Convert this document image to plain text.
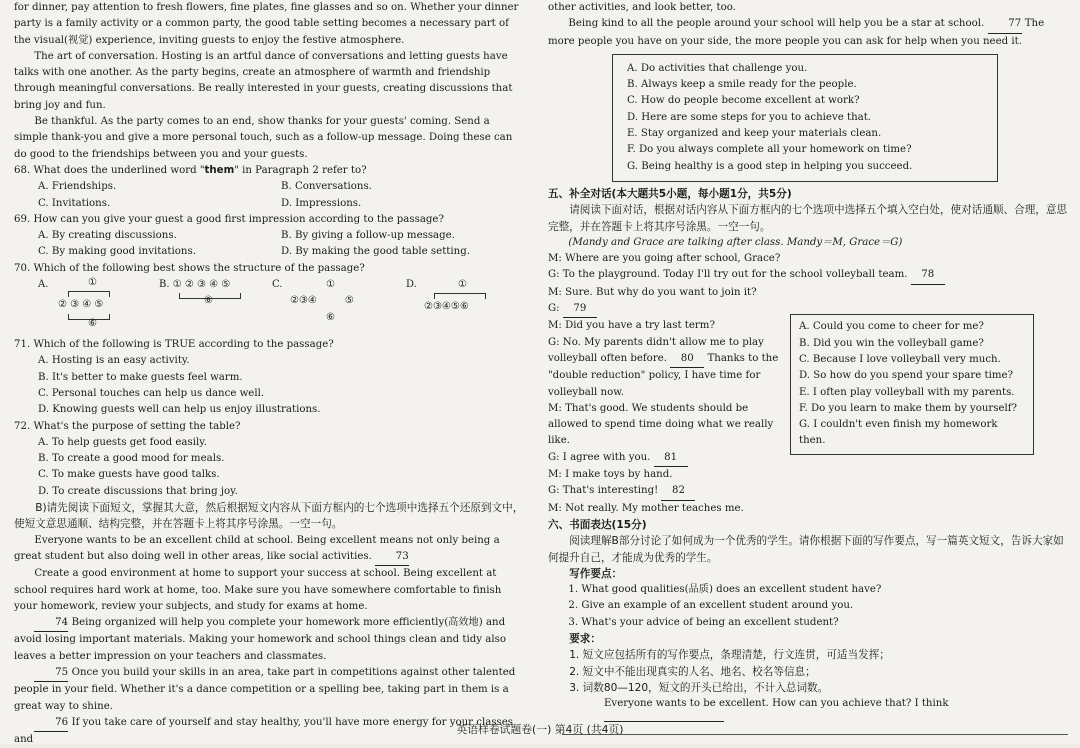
for dinner, pay attention to fresh flowers, fine plates, fine glasses and so on. Whether your dinner party is a family activity or a common party, the good table setting becomes a necessary part of the visual(视觉) experience, inviting guests to enjoy the festive atmosphere.

The art of conversation. Hosting is an artful dance of conversations and letting guests have talks with one another. As the party begins, create an atmosphere of warmth and friendship through meaningful conversations. Be really interested in your guests, creating discussions that bring joy and fun.

Be thankful. As the party comes to an end, show thanks for your guests' coming. Send a simple thank-you and give a more personal touch, such as a follow-up message. Doing these can do good to the friendships between you and your guests.

68. What does the underlined word "them" in Paragraph 2 refer to?

A. Friendships.	B. Conversations.
C. Invitations.	D. Impressions.

69. How can you give your guest a good first impression according to the passage?

A. By creating discussions.	B. By giving a follow-up message.
C. By making good invitations.	D. By making the good table setting.

70. Which of the following best shows the structure of the passage?

A.	①
② ③ ④ ⑤
⑥
B. ① ② ③ ④ ⑤
⑥
C.	①
②③④	⑤
⑥
D.	①
②③④⑤⑥

71. Which of the following is TRUE according to the passage?

A. Hosting is an easy activity.

B. It's better to make guests feel warm.

C. Personal touches can help us dance well.

D. Knowing guests well can help us enjoy illustrations.

72. What's the purpose of setting the table?

A. To help guests get food easily.

B. To create a good mood for meals.

C. To make guests have good talks.

D. To create discussions that bring joy.

B)请先阅读下面短文，掌握其大意，然后根据短文内容从下面方框内的七个选项中选择五个还原到文中，使短文意思通顺、结构完整，并在答题卡上将其序号涂黑。一空一句。

Everyone wants to be an excellent child at school. Being excellent means not only being a great student but also doing well in other areas, like social activities. 73

Create a good environment at home to support your success at school. Being excellent at school requires hard work at home, too. Make sure you have somewhere comfortable to finish your homework, review your subjects, and study for exams at home.

74 Being organized will help you complete your homework more efficiently(高效地) and avoid losing important materials. Making your homework and school things clean and tidy also leaves a better impression on your teachers and classmates.

75 Once you build your skills in an area, take part in competitions against other talented people in your field. Whether it's a dance competition or a spelling bee, taking part in them is a great way to shine.

76 If you take care of yourself and stay healthy, you'll have more energy for your classes and

other activities, and look better, too.

Being kind to all the people around your school will help you be a star at school. 77 The more people you have on your side, the more people you can ask for help when you need it.

A. Do activities that challenge you.

B. Always keep a smile ready for the people.

C. How do people become excellent at work?

D. Here are some steps for you to achieve that.

E. Stay organized and keep your materials clean.

F. Do you always complete all your homework on time?

G. Being healthy is a good step in helping you succeed.

五、补全对话(本大题共5小题，每小题1分，共5分)

请阅读下面对话，根据对话内容从下面方框内的七个选项中选择五个填入空白处，使对话通顺、合理，意思完整，并在答题卡上将其序号涂黑。一空一句。

(Mandy and Grace are talking after class. Mandy＝M, Grace＝G)

M: Where are you going after school, Grace?

G: To the playground. Today I'll try out for the school volleyball team. 78

M: Sure. But why do you want to join it?

G: 79

M: Did you have a try last term?

G: No. My parents didn't allow me to play volleyball often before. 80 Thanks to the "double reduction" policy, I have time for volleyball now.

M: That's good. We students should be allowed to spend time doing what we really like.

G: I agree with you. 81

A. Could you come to cheer for me?

B. Did you win the volleyball game?

C. Because I love volleyball very much.

D. So how do you spend your spare time?

E. I often play volleyball with my parents.

F. Do you learn to make them by yourself?

G. I couldn't even finish my homework then.

M: I make toys by hand.

G: That's interesting! 82

M: Not really. My mother teaches me.

六、书面表达(15分)

阅读理解B部分讨论了如何成为一个优秀的学生。请你根据下面的写作要点，写一篇英文短文，告诉大家如何提升自己，才能成为优秀的学生。

写作要点：

1. What good qualities(品质) does an excellent student have?

2. Give an example of an excellent student around you.

3. What's your advice of being an excellent student?

要求：

1. 短文应包括所有的写作要点，条理清楚，行文连贯，可适当发挥；

2. 短文中不能出现真实的人名、地名、校名等信息；

3. 词数80—120，短文的开头已给出，不计入总词数。

Everyone wants to be excellent. How can you achieve that? I think

英语样卷试题卷(一) 第4页 (共4页)
